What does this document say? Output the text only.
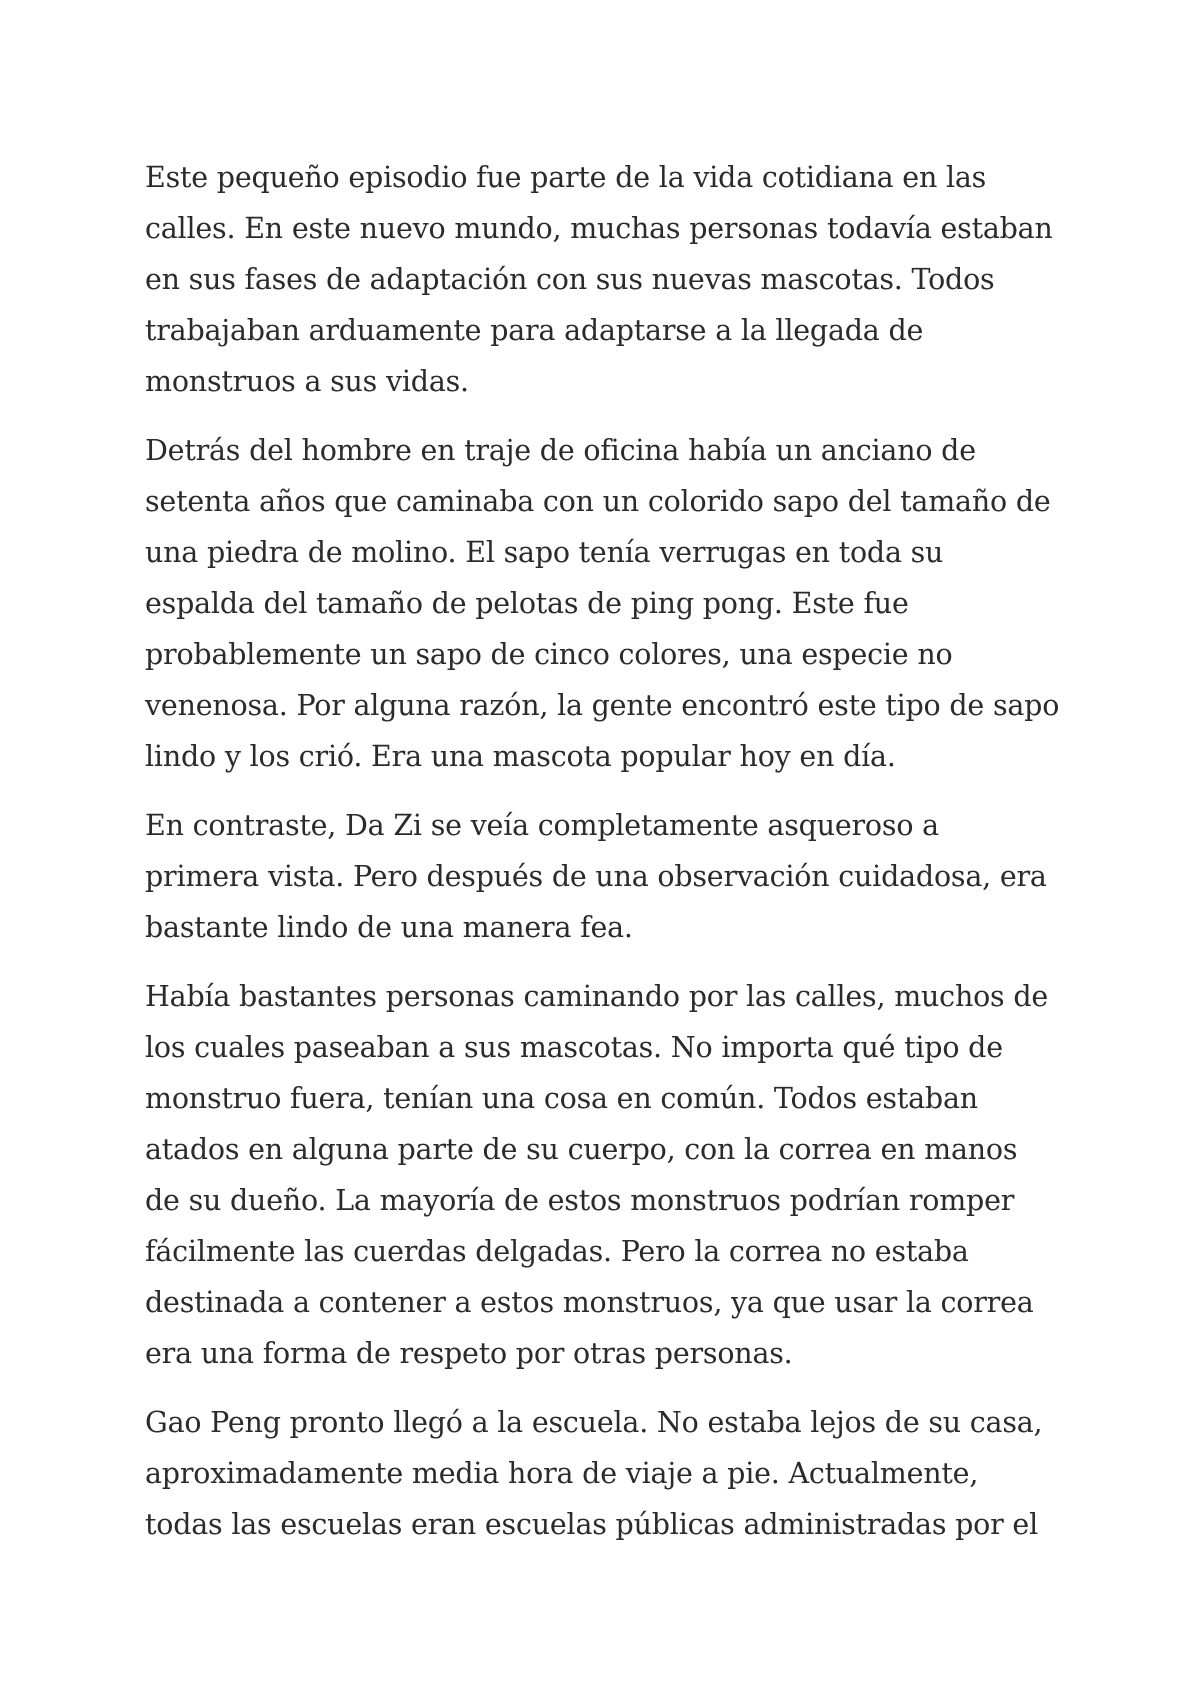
Este pequeño episodio fue parte de la vida cotidiana en las calles. En este nuevo mundo, muchas personas todavía estaban en sus fases de adaptación con sus nuevas mascotas. Todos trabajaban arduamente para adaptarse a la llegada de monstruos a sus vidas.

Detrás del hombre en traje de oficina había un anciano de setenta años que caminaba con un colorido sapo del tamaño de una piedra de molino. El sapo tenía verrugas en toda su espalda del tamaño de pelotas de ping pong. Este fue probablemente un sapo de cinco colores, una especie no venenosa. Por alguna razón, la gente encontró este tipo de sapo lindo y los crió. Era una mascota popular hoy en día.

En contraste, Da Zi se veía completamente asqueroso a primera vista. Pero después de una observación cuidadosa, era bastante lindo de una manera fea.

Había bastantes personas caminando por las calles, muchos de los cuales paseaban a sus mascotas. No importa qué tipo de monstruo fuera, tenían una cosa en común. Todos estaban atados en alguna parte de su cuerpo, con la correa en manos de su dueño. La mayoría de estos monstruos podrían romper fácilmente las cuerdas delgadas. Pero la correa no estaba destinada a contener a estos monstruos, ya que usar la correa era una forma de respeto por otras personas.

Gao Peng pronto llegó a la escuela. No estaba lejos de su casa, aproximadamente media hora de viaje a pie. Actualmente, todas las escuelas eran escuelas públicas administradas por el
